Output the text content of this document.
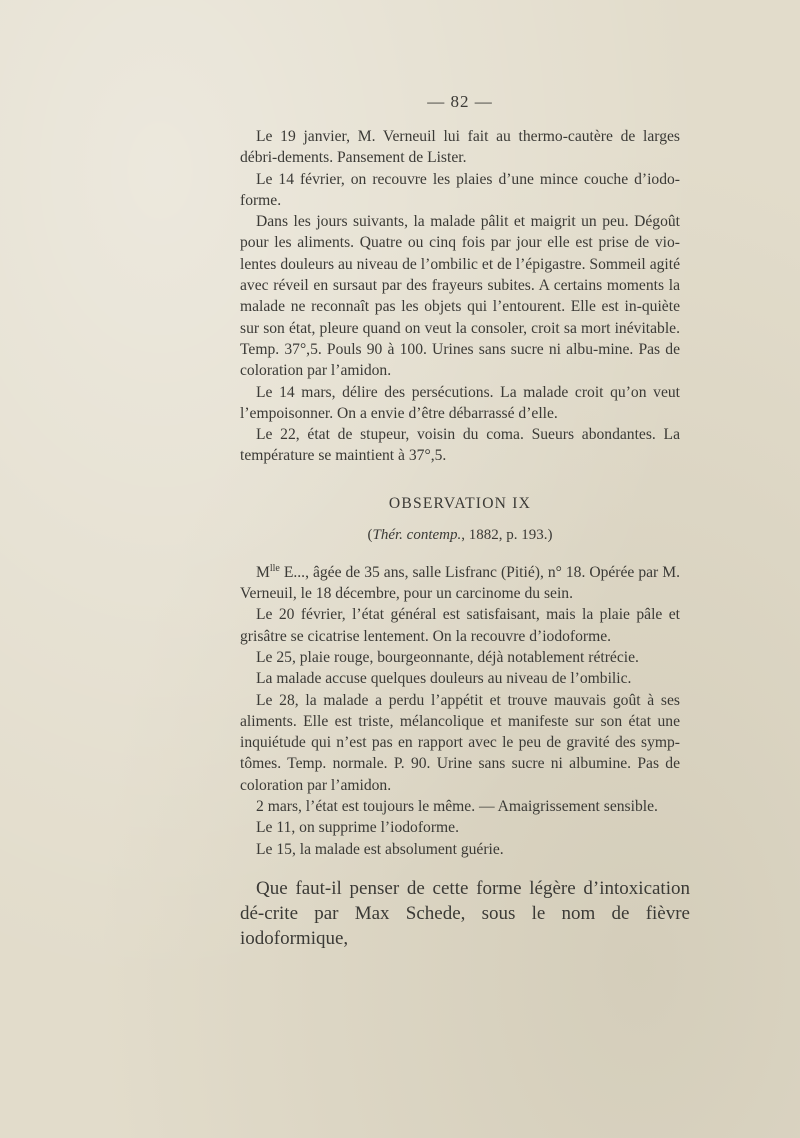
— 82 —

Le 19 janvier, M. Verneuil lui fait au thermo-cautère de larges débri-dements. Pansement de Lister.

Le 14 février, on recouvre les plaies d’une mince couche d’iodo-forme.

Dans les jours suivants, la malade pâlit et maigrit un peu. Dégoût pour les aliments. Quatre ou cinq fois par jour elle est prise de vio-lentes douleurs au niveau de l’ombilic et de l’épigastre. Sommeil agité avec réveil en sursaut par des frayeurs subites. A certains moments la malade ne reconnaît pas les objets qui l’entourent. Elle est in-quiète sur son état, pleure quand on veut la consoler, croit sa mort inévitable. Temp. 37°,5. Pouls 90 à 100. Urines sans sucre ni albu-mine. Pas de coloration par l’amidon.

Le 14 mars, délire des persécutions. La malade croit qu’on veut l’empoisonner. On a envie d’être débarrassé d’elle.

Le 22, état de stupeur, voisin du coma. Sueurs abondantes. La température se maintient à 37°,5.

OBSERVATION IX
(Thér. contemp., 1882, p. 193.)

$M^{lle}$ E..., âgée de 35 ans, salle Lisfranc (Pitié), n° 18. Opérée par M. Verneuil, le 18 décembre, pour un carcinome du sein.

Le 20 février, l’état général est satisfaisant, mais la plaie pâle et grisâtre se cicatrise lentement. On la recouvre d’iodoforme.

Le 25, plaie rouge, bourgeonnante, déjà notablement rétrécie.

La malade accuse quelques douleurs au niveau de l’ombilic.

Le 28, la malade a perdu l’appétit et trouve mauvais goût à ses aliments. Elle est triste, mélancolique et manifeste sur son état une inquiétude qui n’est pas en rapport avec le peu de gravité des symp-tômes. Temp. normale. P. 90. Urine sans sucre ni albumine. Pas de coloration par l’amidon.

2 mars, l’état est toujours le même. — Amaigrissement sensible.

Le 11, on supprime l’iodoforme.

Le 15, la malade est absolument guérie.

Que faut-il penser de cette forme légère d’intoxication dé-crite par Max Schede, sous le nom de fièvre iodoformique,
